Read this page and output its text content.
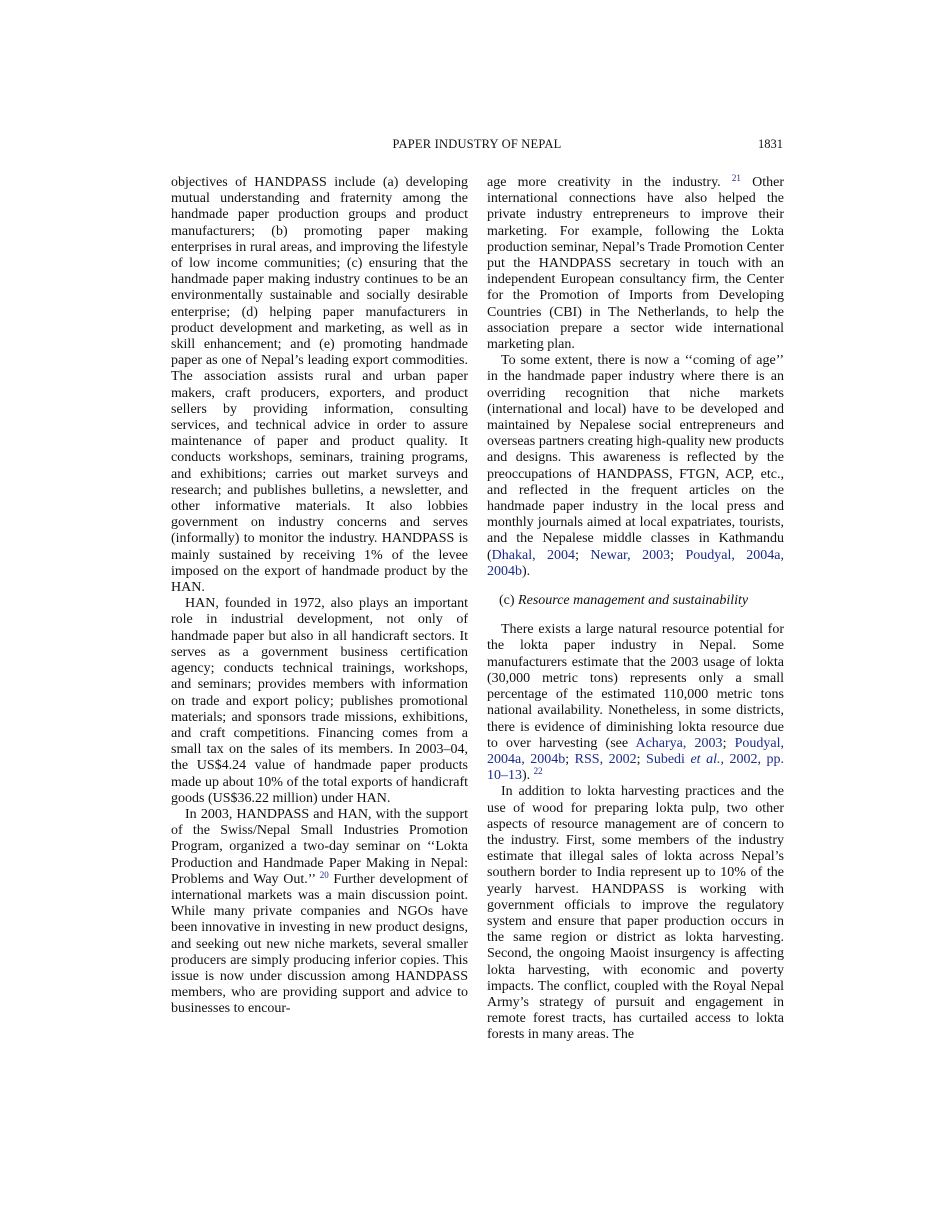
PAPER INDUSTRY OF NEPAL	1831

objectives of HANDPASS include (a) developing mutual understanding and fraternity among the handmade paper production groups and product manufacturers; (b) promoting paper making enterprises in rural areas, and improving the lifestyle of low income communities; (c) ensuring that the handmade paper making industry continues to be an environmentally sustainable and socially desirable enterprise; (d) helping paper manufacturers in product development and marketing, as well as in skill enhancement; and (e) promoting handmade paper as one of Nepal’s leading export commodities. The association assists rural and urban paper makers, craft producers, exporters, and product sellers by providing information, consulting services, and technical advice in order to assure maintenance of paper and product quality. It conducts workshops, seminars, training programs, and exhibitions; carries out market surveys and research; and publishes bulletins, a newsletter, and other informative materials. It also lobbies government on industry concerns and serves (informally) to monitor the industry. HANDPASS is mainly sustained by receiving 1% of the levee imposed on the export of handmade product by the HAN.

HAN, founded in 1972, also plays an important role in industrial development, not only of handmade paper but also in all handicraft sectors. It serves as a government business certification agency; conducts technical trainings, workshops, and seminars; provides members with information on trade and export policy; publishes promotional materials; and sponsors trade missions, exhibitions, and craft competitions. Financing comes from a small tax on the sales of its members. In 2003–04, the US$4.24 value of handmade paper products made up about 10% of the total exports of handicraft goods (US$36.22 million) under HAN.

In 2003, HANDPASS and HAN, with the support of the Swiss/Nepal Small Industries Promotion Program, organized a two-day seminar on ‘‘Lokta Production and Handmade Paper Making in Nepal: Problems and Way Out.’’ $^{20}$ Further development of international markets was a main discussion point. While many private companies and NGOs have been innovative in investing in new product designs, and seeking out new niche markets, several smaller producers are simply producing inferior copies. This issue is now under discussion among HANDPASS members, who are providing support and advice to businesses to encour-

age more creativity in the industry. $^{21}$ Other international connections have also helped the private industry entrepreneurs to improve their marketing. For example, following the Lokta production seminar, Nepal’s Trade Promotion Center put the HANDPASS secretary in touch with an independent European consultancy firm, the Center for the Promotion of Imports from Developing Countries (CBI) in The Netherlands, to help the association prepare a sector wide international marketing plan.

To some extent, there is now a ‘‘coming of age’’ in the handmade paper industry where there is an overriding recognition that niche markets (international and local) have to be developed and maintained by Nepalese social entrepreneurs and overseas partners creating high-quality new products and designs. This awareness is reflected by the preoccupations of HANDPASS, FTGN, ACP, etc., and reflected in the frequent articles on the handmade paper industry in the local press and monthly journals aimed at local expatriates, tourists, and the Nepalese middle classes in Kathmandu (Dhakal, 2004; Newar, 2003; Poudyal, 2004a, 2004b).

(c) Resource management and sustainability

There exists a large natural resource potential for the lokta paper industry in Nepal. Some manufacturers estimate that the 2003 usage of lokta (30,000 metric tons) represents only a small percentage of the estimated 110,000 metric tons national availability. Nonetheless, in some districts, there is evidence of diminishing lokta resource due to over harvesting (see Acharya, 2003; Poudyal, 2004a, 2004b; RSS, 2002; Subedi et al., 2002, pp. 10–13). $^{22}$

In addition to lokta harvesting practices and the use of wood for preparing lokta pulp, two other aspects of resource management are of concern to the industry. First, some members of the industry estimate that illegal sales of lokta across Nepal’s southern border to India represent up to 10% of the yearly harvest. HANDPASS is working with government officials to improve the regulatory system and ensure that paper production occurs in the same region or district as lokta harvesting. Second, the ongoing Maoist insurgency is affecting lokta harvesting, with economic and poverty impacts. The conflict, coupled with the Royal Nepal Army’s strategy of pursuit and engagement in remote forest tracts, has curtailed access to lokta forests in many areas. The
